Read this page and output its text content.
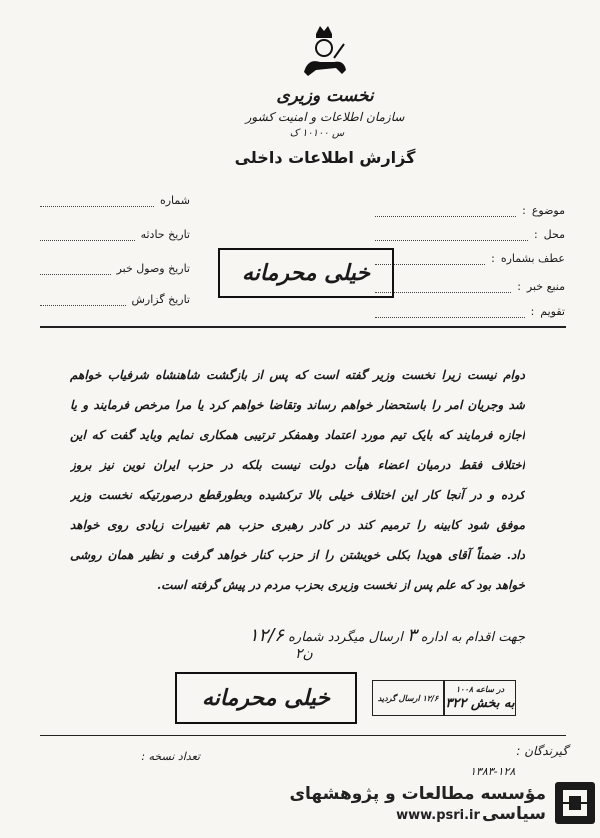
نخست وزیری
سازمان اطلاعات و امنیت کشور
س ۱۰۱۰۰ ک
گزارش اطلاعات داخلی
موضوع
:
محل
:
عطف بشماره
:
منبع خبر
:
تقویم
:
شماره
تاریخ حادثه
تاریخ وصول خبر
تاریخ گزارش
خیلی محرمانه
دوام نیست زیرا نخست وزیر گفته است که پس از بازگشت شاهنشاه شرفیاب خواهم
شد وجریان امر را باستحضار خواهم رساند وتقاضا خواهم کرد یا مرا مرخص فرمایند و یا
اجازه فرمایند که بایک تیم مورد اعتماد وهمفکر ترتیبی همکاری نمایم وباید گفت که این
اختلاف فقط درمیان اعضاء هیأت دولت نیست بلکه در حزب ایران نوین نیز بروز
کرده و در آنجا کار این اختلاف خیلی بالا ترکشیده وبطورقطع درصورتیکه نخست وزیر
موفق شود کابینه را ترمیم کند در کادر رهبری حزب هم تغییرات زیادی روی خواهد
داد. ضمناً آقای هویدا بکلی خویشتن را از حزب کنار خواهد گرفت و نظیر همان روشی
خواهد بود که علم پس از نخست وزیری بحزب مردم در پیش گرفته است.
جهت اقدام به اداره ۳ ارسال میگردد شماره ۱۲/۶
ن۲
خیلی محرمانه	۱۲/۶ ارسال گردید
در ساعه ۱۰۰۸
به بخش ۳۲۲
گیرندگان :
تعداد نسخه :
۱۳۸۳-۱۲۸
مؤسسه مطالعات و پژوهشهای سیاسی
www.psri.ir
